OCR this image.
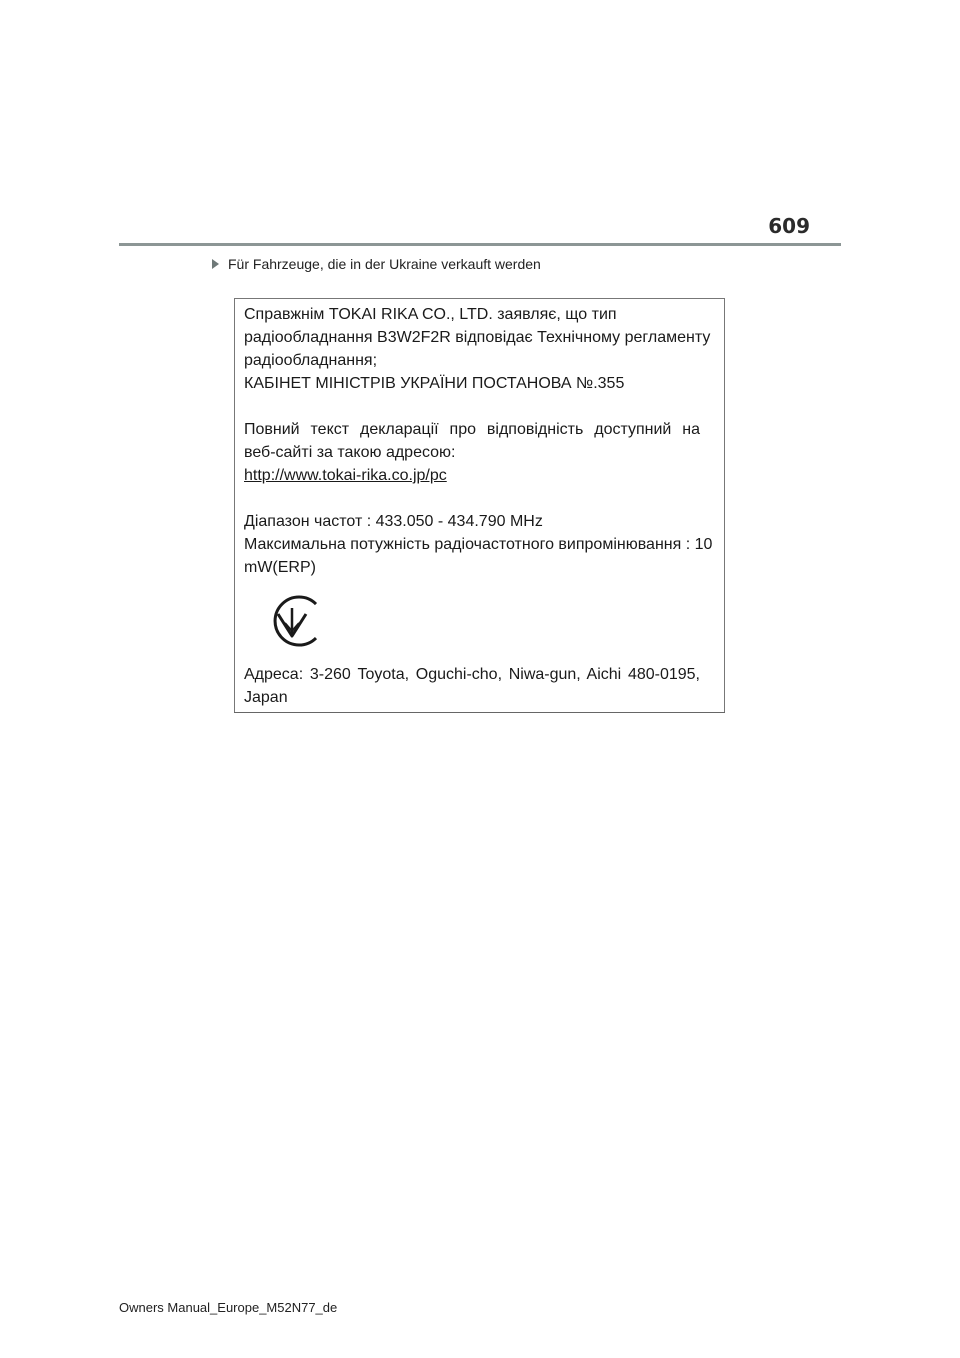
609
Für Fahrzeuge, die in der Ukraine verkauft werden
Справжнім TOKAI RIKA CO., LTD. заявляє, що тип
радіообладнання B3W2F2R відповідає Технічному регламенту
радіообладнання;
КАБІНЕТ МІНІСТРІВ УКРАЇНИ ПОСТАНОВА №.355
Повний текст декларації про відповідність доступний на
веб-сайті за такою адресою:
http://www.tokai-rika.co.jp/pc
Діапазон частот : 433.050 - 434.790 MHz
Максимальна потужність радіочастотного випромінювання : 10
mW(ERP)
Адреса: 3-260 Toyota, Oguchi-cho, Niwa-gun, Aichi 480-0195,
Japan
Owners Manual_Europe_M52N77_de
